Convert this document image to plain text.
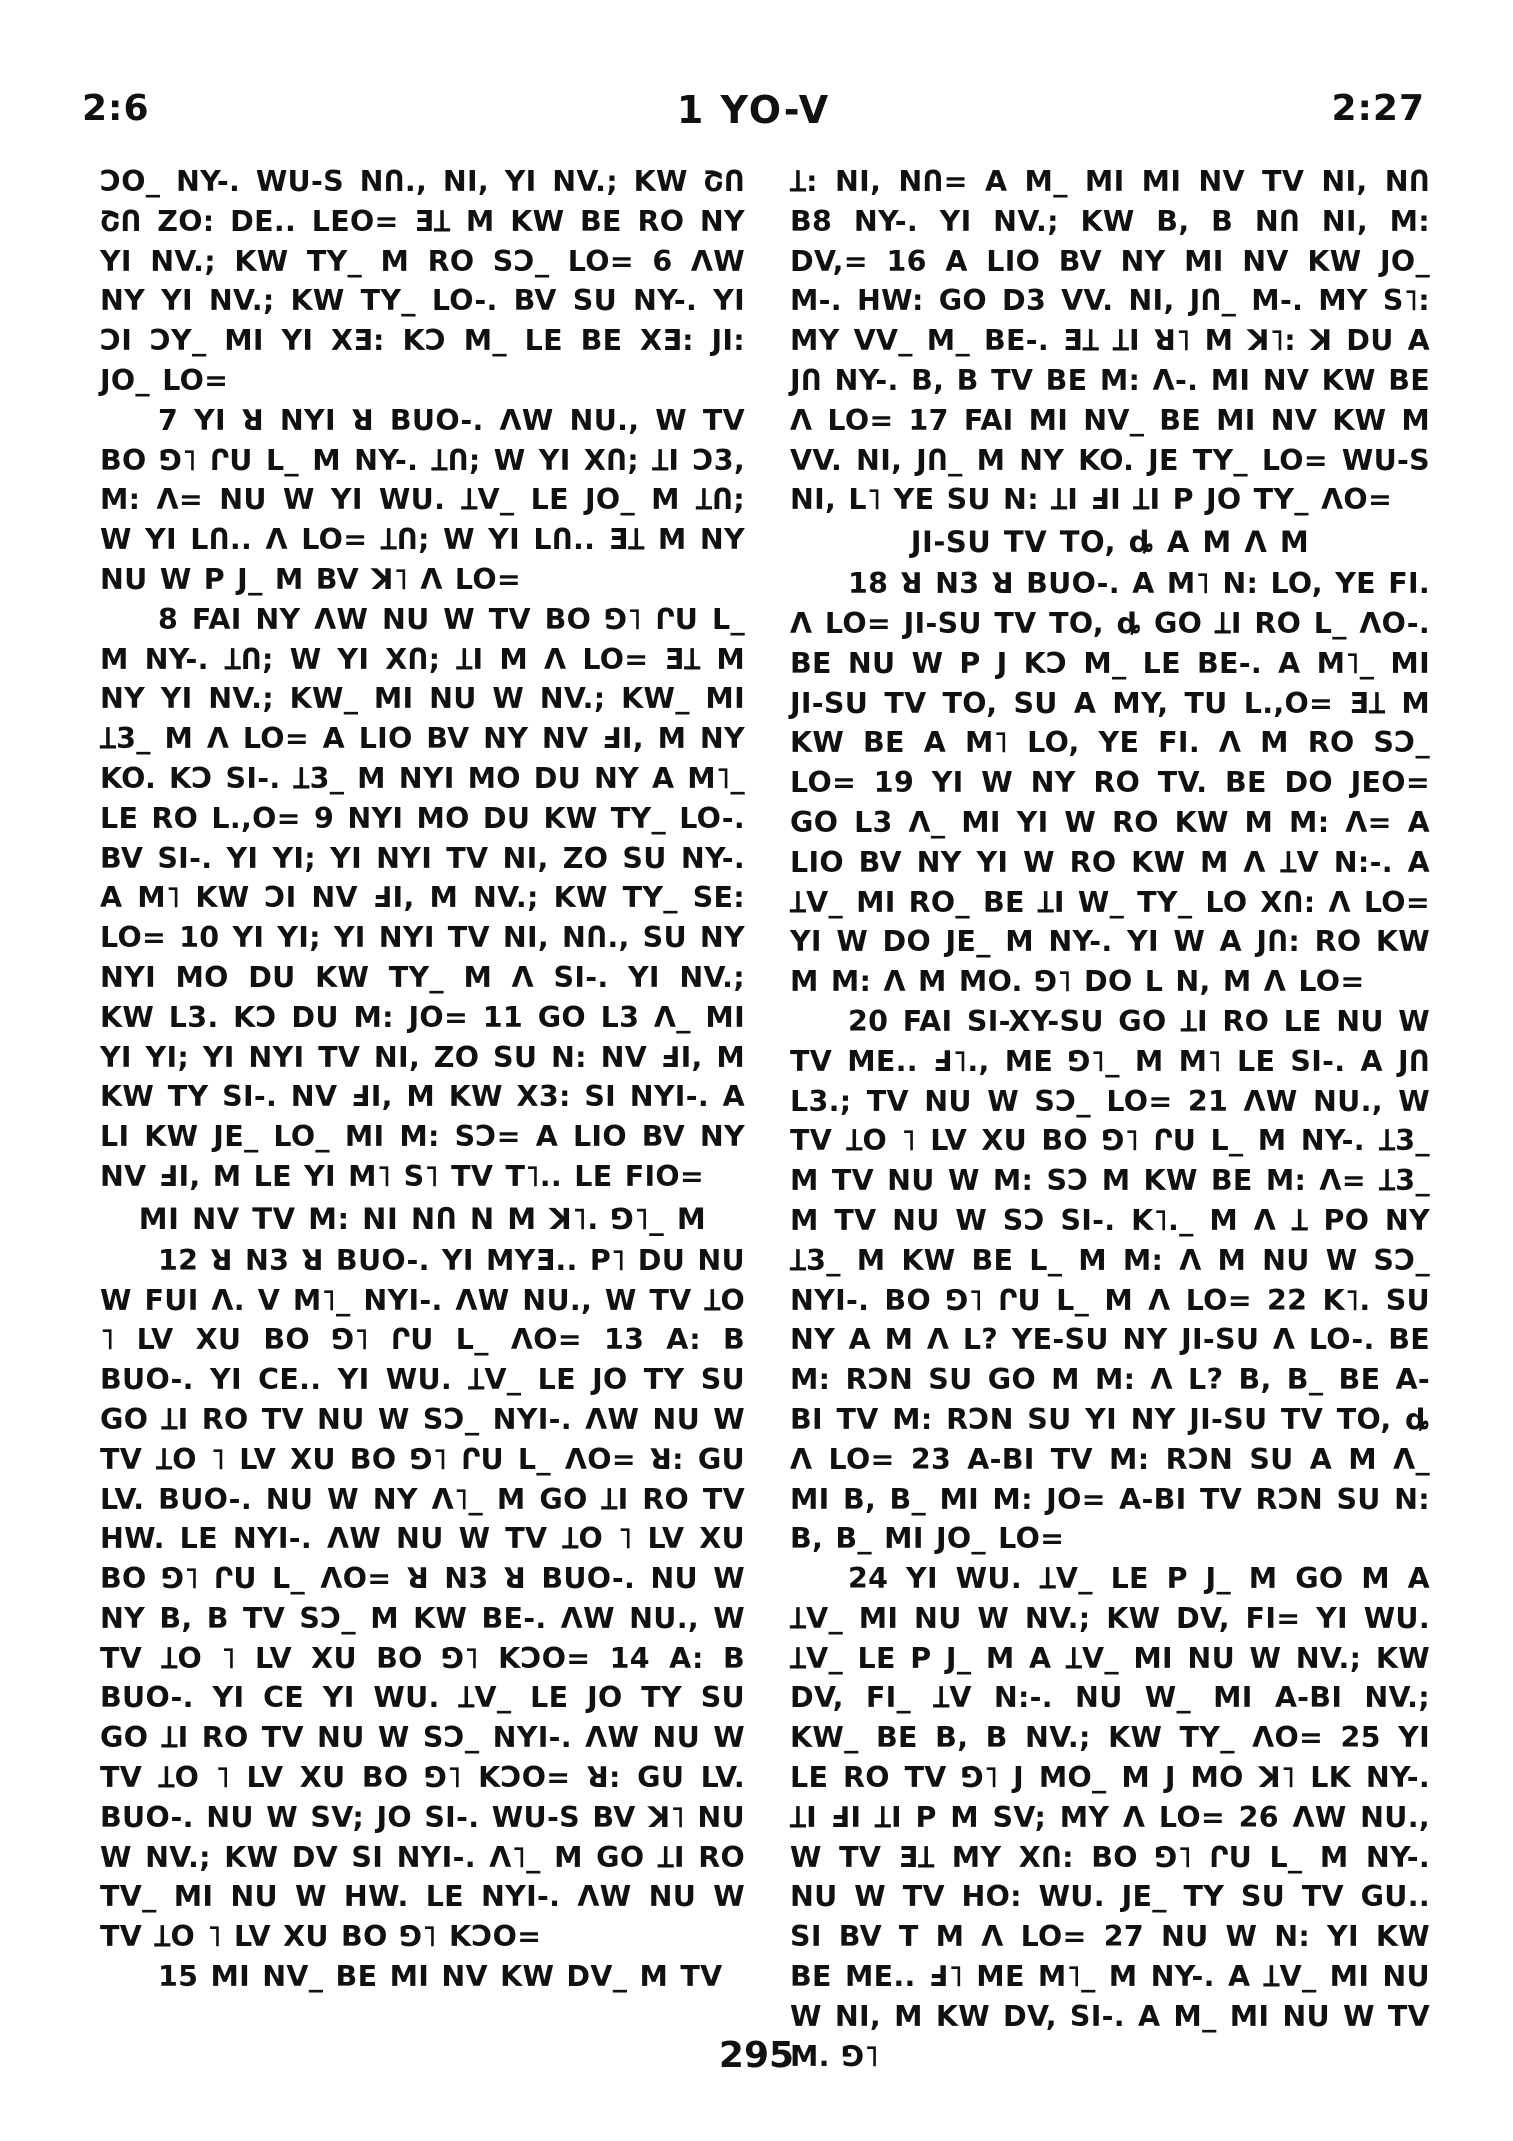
2:6	1 YO-V	2:27

ƆO_ NY-. WU-S NՈ., NI, YI NV.; KW ՇՈ ՇՈ ZO: DE.. LEO= ƎꞱ M KW BE RO NY YI NV.; KW TY_ M RO SƆ_ LO= 6 ɅW NY YI NV.; KW TY_ LO-. BV SU NY-. YI ƆI ƆY_ MI YI XƎ: KƆ M_ LE BE XƎ: JI: JO_ LO=

7 YI ꓤ NYI ꓤ BUO-. ɅW NU., W TV BO ⅁˥ ՐU L_ M NY-. ꞱՈ; W YI XՈ; ꞱI Ɔ3, M: Ʌ= NU W YI WU. ꞱV_ LE JO_ M ꞱՈ; W YI LՈ.. Ʌ LO= ꞱՈ; W YI LՈ.. ƎꞱ M NY NU W P J_ M BV ꓘ˥ Ʌ LO=

8 FAI NY ɅW NU W TV BO ⅁˥ ՐU L_ M NY-. ꞱՈ; W YI XՈ; ꞱI M Ʌ LO= ƎꞱ M NY YI NV.; KW_ MI NU W NV.; KW_ MI Ʇ3_ M Ʌ LO= A LIO BV NY NV ℲI, M NY KO. KƆ SI-. Ʇ3_ M NYI MO DU NY A M˥_ LE RO L.,O= 9 NYI MO DU KW TY_ LO-. BV SI-. YI YI; YI NYI TV NI, ZO SU NY-. A M˥ KW ƆI NV ℲI, M NV.; KW TY_ SE: LO= 10 YI YI; YI NYI TV NI, NՈ., SU NY NYI MO DU KW TY_ M Ʌ SI-. YI NV.; KW L3. KƆ DU M: JO= 11 GO L3 Ʌ_ MI YI YI; YI NYI TV NI, ZO SU N: NV ℲI, M KW TY SI-. NV ℲI, M KW X3: SI NYI-. A LI KW JE_ LO_ MI M: SƆ= A LIO BV NY NV ℲI, M LE YI M˥ S˥ TV T˥.. LE FIO=

MI NV TV M: NI NՈ N M ꓘ˥. ⅁˥_ M

12 ꓤ N3 ꓤ BUO-. YI MYƎ.. P˥ DU NU W FUI Ʌ. V M˥_ NYI-. ɅW NU., W TV ꞱO ˥ LV XU BO ⅁˥ ՐU L_ ɅO= 13 A: B BUO-. YI CE.. YI WU. ꞱV_ LE JO TY SU GO ꞱI RO TV NU W SƆ_ NYI-. ɅW NU W TV ꞱO ˥ LV XU BO ⅁˥ ՐU L_ ɅO= ꓤ: GU LV. BUO-. NU W NY Ʌ˥_ M GO ꞱI RO TV HW. LE NYI-. ɅW NU W TV ꞱO ˥ LV XU BO ⅁˥ ՐU L_ ɅO= ꓤ N3 ꓤ BUO-. NU W NY B, B TV SƆ_ M KW BE-. ɅW NU., W TV ꞱO ˥ LV XU BO ⅁˥ KƆO= 14 A: B BUO-. YI CE YI WU. ꞱV_ LE JO TY SU GO ꞱI RO TV NU W SƆ_ NYI-. ɅW NU W TV ꞱO ˥ LV XU BO ⅁˥ KƆO= ꓤ: GU LV. BUO-. NU W SV; JO SI-. WU-S BV ꓘ˥ NU W NV.; KW DV SI NYI-. Ʌ˥_ M GO ꞱI RO TV_ MI NU W HW. LE NYI-. ɅW NU W TV ꞱO ˥ LV XU BO ⅁˥ KƆO=

15 MI NV_ BE MI NV KW DV_ M TV

Ʇ: NI, NՈ= A M_ MI MI NV TV NI, NՈ B8 NY-. YI NV.; KW B, B NՈ NI, M: DV,= 16 A LIO BV NY MI NV KW JO_ M-. HW: GO D3 VV. NI, JՈ_ M-. MY S˥: MY VV_ M_ BE-. ƎꞱ ꞱI ꓤ˥ M ꓘ˥: ꓘ DU A JՈ NY-. B, B TV BE M: Ʌ-. MI NV KW BE Ʌ LO= 17 FAI MI NV_ BE MI NV KW M VV. NI, JՈ_ M NY KO. JE TY_ LO= WU-S NI, L˥ YE SU N: ꞱI ℲI ꞱI P JO TY_ ɅO=

JI-SU TV TO, ȡ A M Ʌ M

18 ꓤ N3 ꓤ BUO-. A M˥ N: LO, YE FI. Ʌ LO= JI-SU TV TO, ȡ GO ꞱI RO L_ ɅO-. BE NU W P J KƆ M_ LE BE-. A M˥_ MI JI-SU TV TO, SU A MY, TU L.,O= ƎꞱ M KW BE A M˥ LO, YE FI. Ʌ M RO SƆ_ LO= 19 YI W NY RO TV. BE DO JEO= GO L3 Ʌ_ MI YI W RO KW M M: Ʌ= A LIO BV NY YI W RO KW M Ʌ ꞱV N:-. A ꞱV_ MI RO_ BE ꞱI W_ TY_ LO XՈ: Ʌ LO= YI W DO JE_ M NY-. YI W A JՈ: RO KW M M: Ʌ M MO. ⅁˥ DO L N, M Ʌ LO=

20 FAI SI-XY-SU GO ꞱI RO LE NU W TV ME.. Ⅎ˥., ME ⅁˥_ M M˥ LE SI-. A JՈ L3.; TV NU W SƆ_ LO= 21 ɅW NU., W TV ꞱO ˥ LV XU BO ⅁˥ ՐU L_ M NY-. Ʇ3_ M TV NU W M: SƆ M KW BE M: Ʌ= Ʇ3_ M TV NU W SƆ SI-. K˥._ M Ʌ Ʇ PO NY Ʇ3_ M KW BE L_ M M: Ʌ M NU W SƆ_ NYI-. BO ⅁˥ ՐU L_ M Ʌ LO= 22 K˥. SU NY A M Ʌ L? YE-SU NY JI-SU Ʌ LO-. BE M: RƆN SU GO M M: Ʌ L? B, B_ BE A-BI TV M: RƆN SU YI NY JI-SU TV TO, ȡ Ʌ LO= 23 A-BI TV M: RƆN SU A M Ʌ_ MI B, B_ MI M: JO= A-BI TV RƆN SU N: B, B_ MI JO_ LO=

24 YI WU. ꞱV_ LE P J_ M GO M A ꞱV_ MI NU W NV.; KW DV, FI= YI WU. ꞱV_ LE P J_ M A ꞱV_ MI NU W NV.; KW DV, FI_ ꞱV N:-. NU W_ MI A-BI NV.; KW_ BE B, B NV.; KW TY_ ɅO= 25 YI LE RO TV ⅁˥ J MO_ M J MO ꓘ˥ LK NY-. ꞱI ℲI ꞱI P M SV; MY Ʌ LO= 26 ɅW NU., W TV ƎꞱ MY XՈ: BO ⅁˥ ՐU L_ M NY-. NU W TV HO: WU. JE_ TY SU TV GU.. SI BV T M Ʌ LO= 27 NU W N: YI KW BE ME.. Ⅎ˥ ME M˥_ M NY-. A ꞱV_ MI NU W NI, M KW DV, SI-. A M_ MI NU W TV M. ⅁˥

295
